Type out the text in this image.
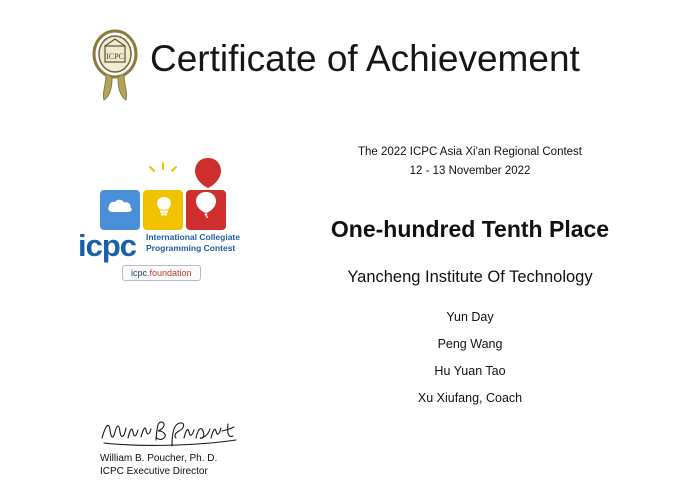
ICPC Certificate of Achievement
icpc International Collegiate
Programming Contest
icpc.foundation
The 2022 ICPC Asia Xi'an Regional Contest
12 - 13 November 2022
One-hundred Tenth Place
Yancheng Institute Of Technology
Yun Day
Peng Wang
Hu Yuan Tao
Xu Xiufang, Coach
William B. Poucher, Ph. D.
ICPC Executive Director
